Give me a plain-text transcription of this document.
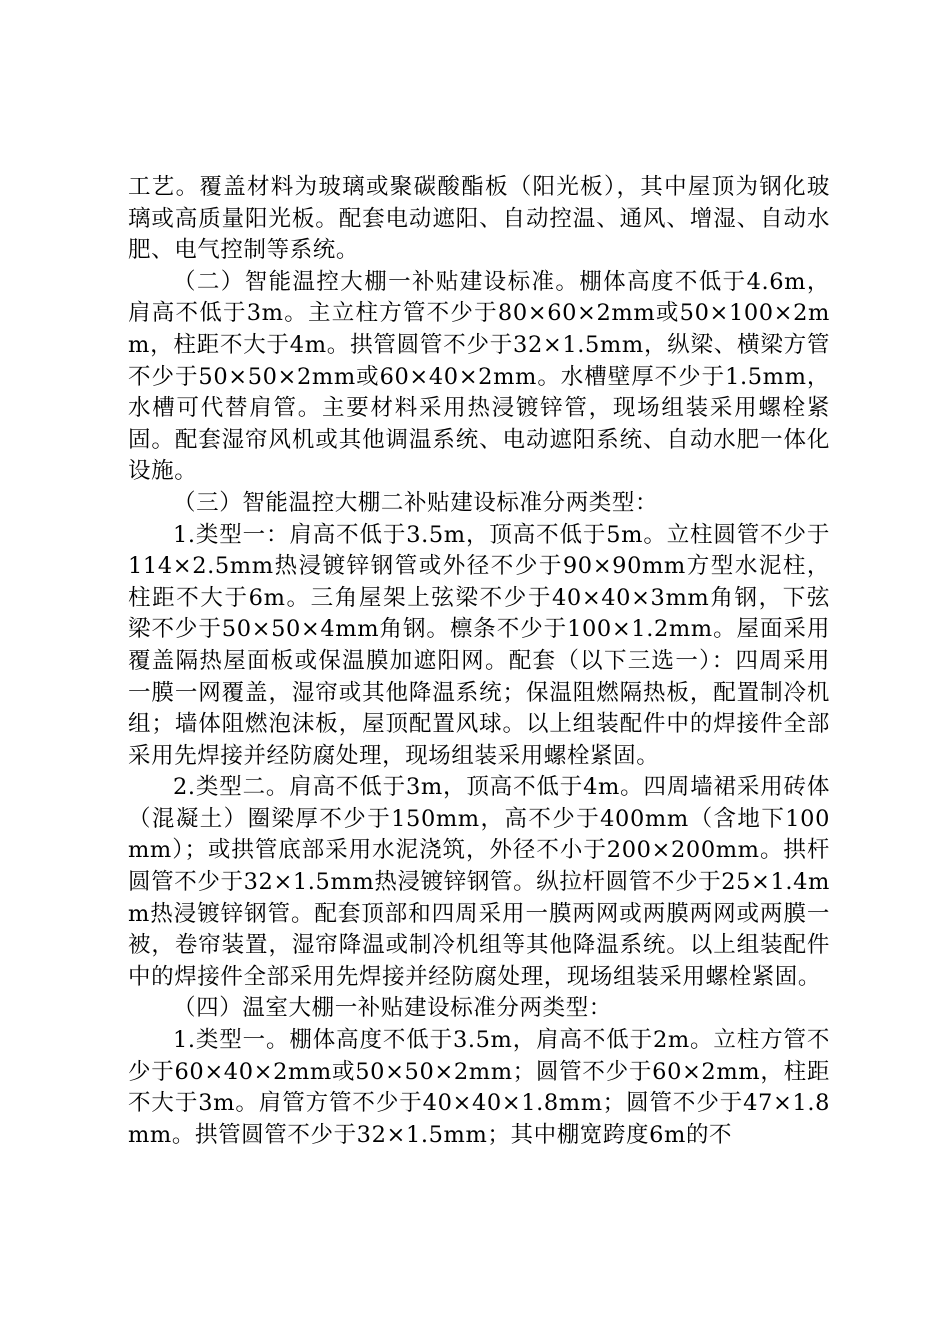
工艺。覆盖材料为玻璃或聚碳酸酯板（阳光板），其中屋顶为钢化玻璃或高质量阳光板。配套电动遮阳、自动控温、通风、增湿、自动水肥、电气控制等系统。

（二）智能温控大棚一补贴建设标准。棚体高度不低于4.6m，肩高不低于3m。主立柱方管不少于80×60×2mm或50×100×2mm，柱距不大于4m。拱管圆管不少于32×1.5mm，纵梁、横梁方管不少于50×50×2mm或60×40×2mm。水槽壁厚不少于1.5mm，水槽可代替肩管。主要材料采用热浸镀锌管，现场组装采用螺栓紧固。配套湿帘风机或其他调温系统、电动遮阳系统、自动水肥一体化设施。

（三）智能温控大棚二补贴建设标准分两类型：

1.类型一：肩高不低于3.5m，顶高不低于5m。立柱圆管不少于114×2.5mm热浸镀锌钢管或外径不少于90×90mm方型水泥柱，柱距不大于6m。三角屋架上弦梁不少于40×40×3mm角钢，下弦梁不少于50×50×4mm角钢。檩条不少于100×1.2mm。屋面采用覆盖隔热屋面板或保温膜加遮阳网。配套（以下三选一）：四周采用一膜一网覆盖，湿帘或其他降温系统；保温阻燃隔热板，配置制冷机组；墙体阻燃泡沫板，屋顶配置风球。以上组装配件中的焊接件全部采用先焊接并经防腐处理，现场组装采用螺栓紧固。

2.类型二。肩高不低于3m，顶高不低于4m。四周墙裙采用砖体（混凝土）圈梁厚不少于150mm，高不少于400mm（含地下100mm）；或拱管底部采用水泥浇筑，外径不小于200×200mm。拱杆圆管不少于32×1.5mm热浸镀锌钢管。纵拉杆圆管不少于25×1.4mm热浸镀锌钢管。配套顶部和四周采用一膜两网或两膜两网或两膜一被，卷帘装置，湿帘降温或制冷机组等其他降温系统。以上组装配件中的焊接件全部采用先焊接并经防腐处理，现场组装采用螺栓紧固。

（四）温室大棚一补贴建设标准分两类型：

1.类型一。棚体高度不低于3.5m，肩高不低于2m。立柱方管不少于60×40×2mm或50×50×2mm；圆管不少于60×2mm，柱距不大于3m。肩管方管不少于40×40×1.8mm；圆管不少于47×1.8mm。拱管圆管不少于32×1.5mm；其中棚宽跨度6m的不
